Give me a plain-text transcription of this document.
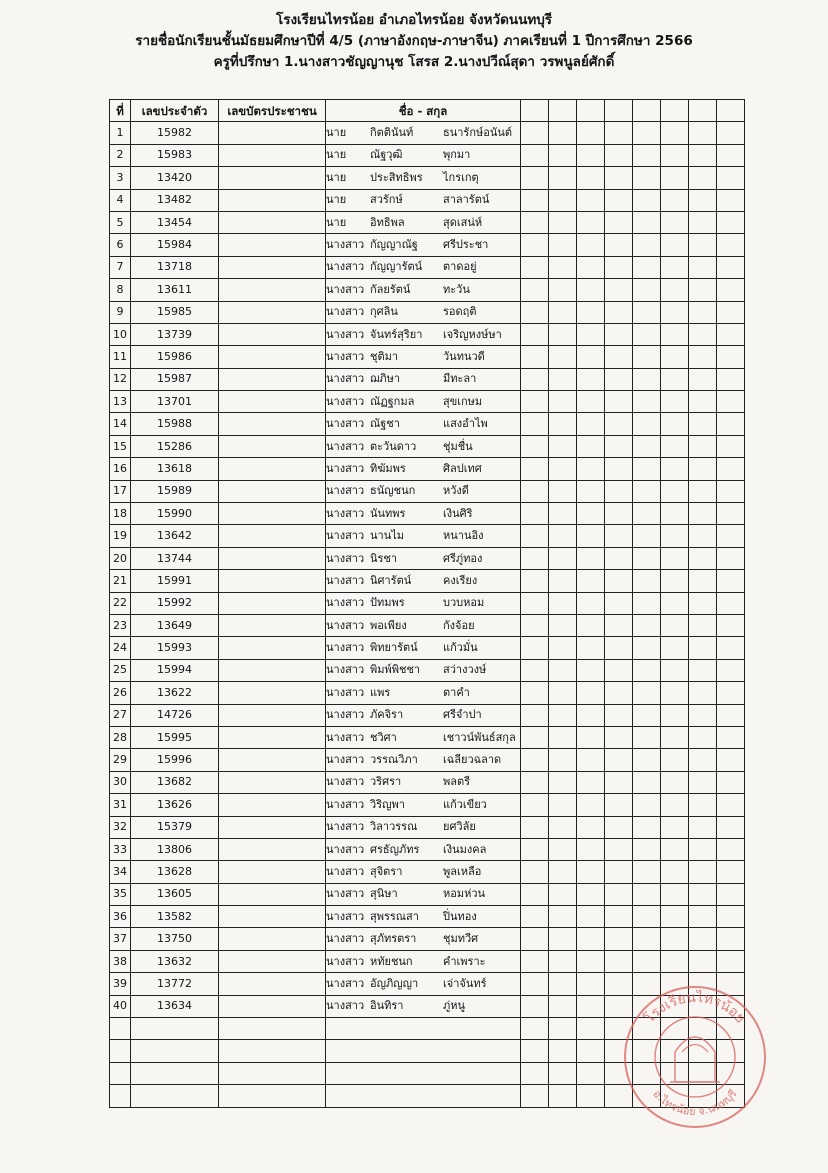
โรงเรียนไทรน้อย อำเภอไทรน้อย จังหวัดนนทบุรี
รายชื่อนักเรียนชั้นมัธยมศึกษาปีที่ 4/5 (ภาษาอังกฤษ-ภาษาจีน) ภาคเรียนที่ 1 ปีการศึกษา 2566
ครูที่ปรึกษา 1.นางสาวชัญญานุช โสรส 2.นางปวีณ์สุดา วรพนูลย์ศักดิ์
ที่	เลขประจำตัว	เลขบัตรประชาชน	ชื่อ - สกุล								
1	15982		นาย กิตตินันท์ ธนารักษ์อนันต์								
2	15983		นาย ณัฐวุฒิ พุกมา								
3	13420		นาย ประสิทธิพร ไกรเกตุ								
4	13482		นาย สวรักษ์ สาลารัตน์								
5	13454		นาย อิทธิพล สุดเสน่ห์								
6	15984		นางสาว กัญญาณัฐ ศรีประชา								
7	13718		นางสาว กัญญารัตน์ ตาดอยู่								
8	13611		นางสาว กัลยรัตน์ ทะวัน								
9	15985		นางสาว กุศลิน รอดฤติ								
10	13739		นางสาว จันทร์สุริยา เจริญหงษ์ษา								
11	15986		นางสาว ชุติมา วันทนวดี								
12	15987		นางสาว ฌภิษา มีทะลา								
13	13701		นางสาว ณัฏฐกมล สุขเกษม								
14	15988		นางสาว ณัฐชา แสงอำไพ								
15	15286		นางสาว ตะวันดาว ชุ่มชื่น								
16	13618		นางสาว ทิฆัมพร ศิลปเทศ								
17	15989		นางสาว ธนัญชนก หวังดี								
18	15990		นางสาว นันทพร เงินศิริ								
19	13642		นางสาว นานไม หนานอิง								
20	13744		นางสาว นิรชา ศรีภู่ทอง								
21	15991		นางสาว นิศารัตน์ คงเรียง								
22	15992		นางสาว ปัทมพร บวบหอม								
23	13649		นางสาว พอเพียง กังจ้อย								
24	15993		นางสาว พิทยารัตน์ แก้วมั่น								
25	15994		นางสาว พิมพ์พิชชา สว่างวงษ์								
26	13622		นางสาว แพร ตาคำ								
27	14726		นางสาว ภัคจิรา ศรีจำปา								
28	15995		นางสาว ชวิศา เชาวน์พันธ์สกุล								
29	15996		นางสาว วรรณวิภา เฉลียวฉลาด								
30	13682		นางสาว วริศรา พลตรี								
31	13626		นางสาว วิริญพา แก้วเขียว								
32	15379		นางสาว วิลาวรรณ ยศวิลัย								
33	13806		นางสาว ศรธัญภัทร เงินมงคล								
34	13628		นางสาว สุจิตรา พูลเหลือ								
35	13605		นางสาว สุนิษา หอมห่วน								
36	13582		นางสาว สุพรรณสา ปิ่นทอง								
37	13750		นางสาว สุภัทรตรา ชุมทวีศ								
38	13632		นางสาว หทัยชนก คำเพราะ								
39	13772		นางสาว อัญภิญญา เจ่าจันทร์								
40	13634		นางสาว อินทิรา ภู่หนู								

โรงเรียนไทรน้อย
อ.ไทรน้อย จ.นนทบุรี
